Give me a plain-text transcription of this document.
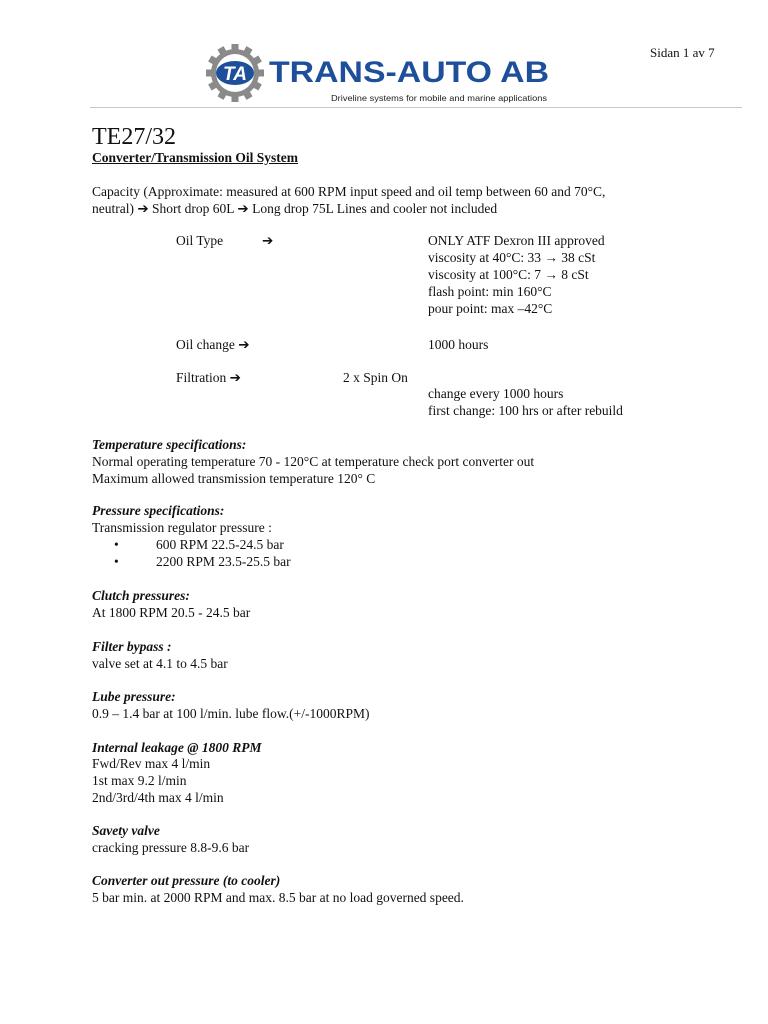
Sidan 1 av 7
TA TRANS-AUTO AB
Driveline systems for mobile and marine applications
TE27/32
Converter/Transmission Oil System
Capacity (Approximate: measured at 600 RPM input speed and oil temp between 60 and 70°C,
neutral) ➔ Short drop 60L ➔ Long drop 75L Lines and cooler not included
Oil Type	➔	ONLY ATF Dexron III approved
viscosity at 40°C: 33 → 38 cSt
viscosity at 100°C: 7 → 8 cSt
flash point: min 160°C
pour point: max –42°C
Oil change ➔	1000 hours
Filtration ➔	2 x Spin On
change every 1000 hours
first change: 100 hrs or after rebuild
Temperature specifications:
Normal operating temperature 70 - 120°C at temperature check port converter out
Maximum allowed transmission temperature 120° C
Pressure specifications:
Transmission regulator pressure :
•	600 RPM 22.5-24.5 bar
•	2200 RPM 23.5-25.5 bar
Clutch pressures:
At 1800 RPM 20.5 - 24.5 bar
Filter bypass :
valve set at 4.1 to 4.5 bar
Lube pressure:
0.9 – 1.4 bar at 100 l/min. lube flow.(+/-1000RPM)
Internal leakage @ 1800 RPM
Fwd/Rev max 4 l/min
1st max 9.2 l/min
2nd/3rd/4th max 4 l/min
Savety valve
cracking pressure 8.8-9.6 bar
Converter out pressure (to cooler)
5 bar min. at 2000 RPM and max. 8.5 bar at no load governed speed.
